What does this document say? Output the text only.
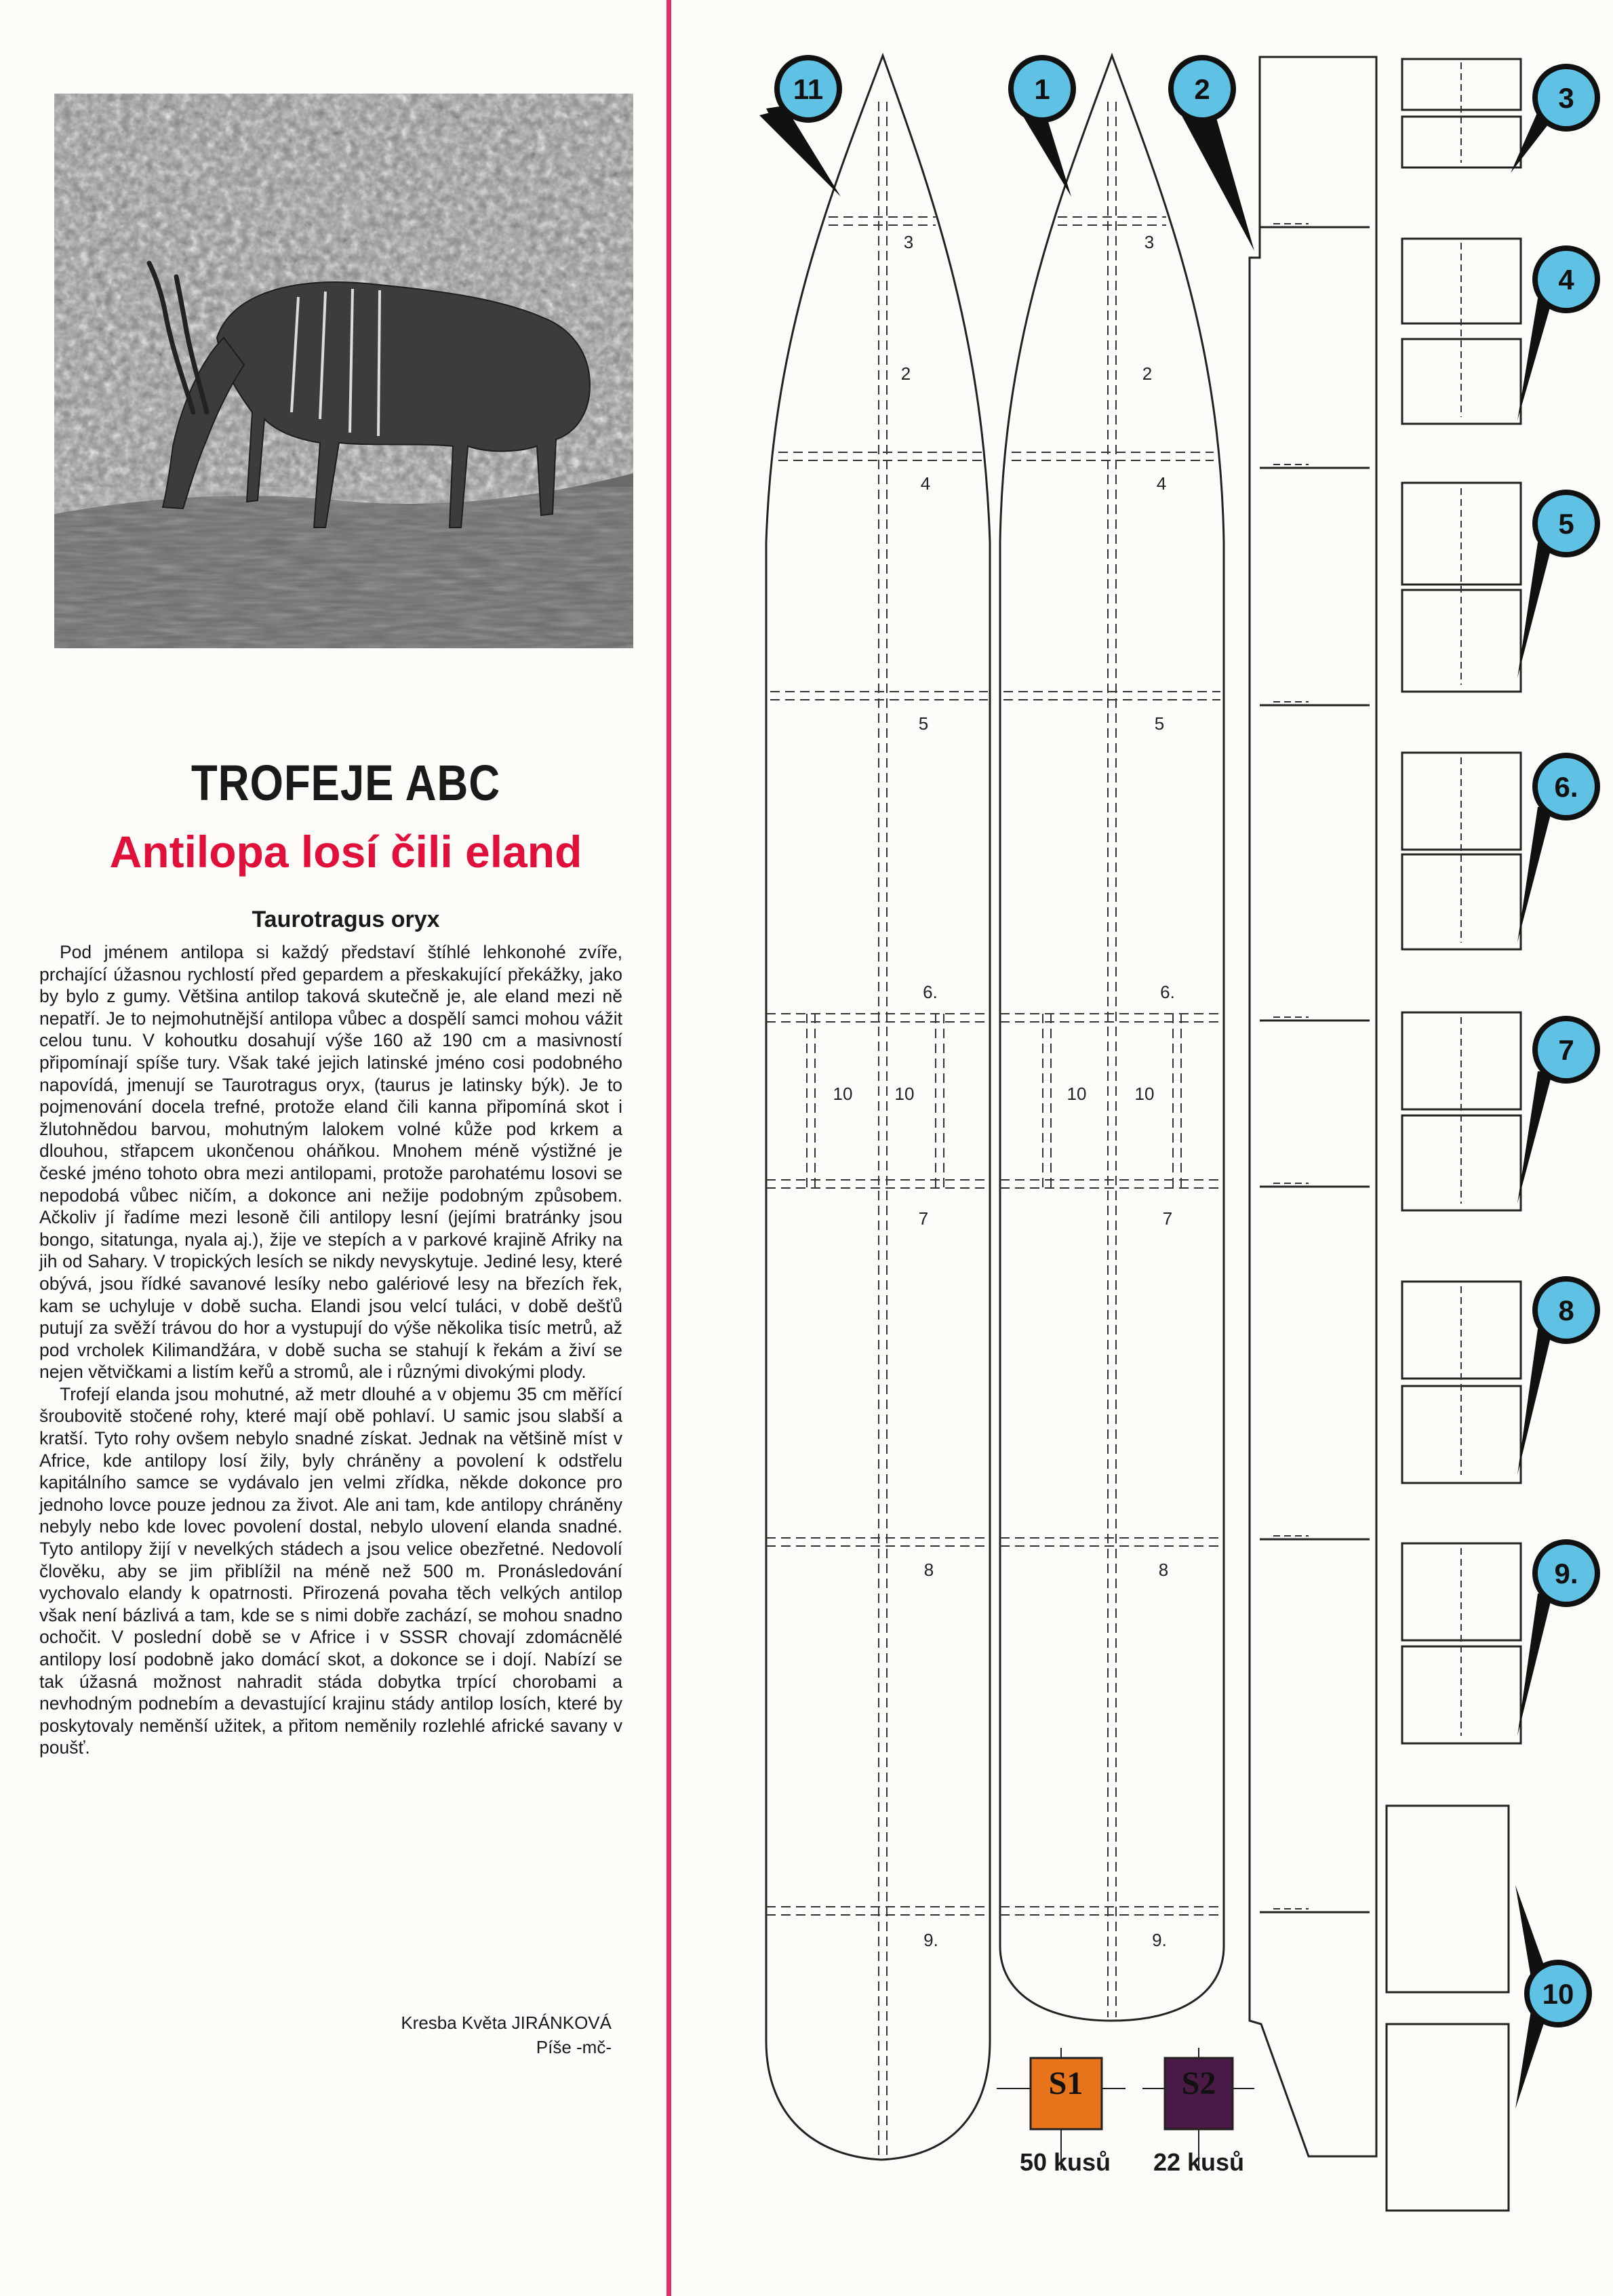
TROFEJE ABC
Antilopa losí čili eland
Taurotragus oryx

Pod jménem antilopa si každý představí štíhlé lehkonohé zvíře, prchající úžasnou rychlostí před gepardem a přeskakující překážky, jako by bylo z gumy. Většina antilop taková skutečně je, ale eland mezi ně nepatří. Je to nejmohutnější antilopa vůbec a dospělí samci mohou vážit celou tunu. V kohoutku dosahují výše 160 až 190 cm a masivností připomínají spíše tury. Však také jejich latinské jméno cosi podobného napovídá, jmenují se Taurotragus oryx, (taurus je latinsky býk). Je to pojmenování docela trefné, protože eland čili kanna připomíná skot i žlutohnědou barvou, mohutným lalokem volné kůže pod krkem a dlouhou, střapcem ukončenou oháňkou. Mnohem méně výstižné je české jméno tohoto obra mezi antilopami, protože parohatému losovi se nepodobá vůbec ničím, a dokonce ani nežije podobným způsobem. Ačkoliv jí řadíme mezi lesoně čili antilopy lesní (jejími bratránky jsou bongo, sitatunga, nyala aj.), žije ve stepích a v parkové krajině Afriky na jih od Sahary. V tropických lesích se nikdy nevyskytuje. Jediné lesy, které obývá, jsou řídké savanové lesíky nebo galériové lesy na březích řek, kam se uchyluje v době sucha. Elandi jsou velcí tuláci, v době dešťů putují za svěží trávou do hor a vystupují do výše několika tisíc metrů, až pod vrcholek Kilimandžára, v době sucha se stahují k řekám a živí se nejen větvičkami a listím keřů a stromů, ale i různými divokými plody.

Trofejí elanda jsou mohutné, až metr dlouhé a v objemu 35 cm měřící šroubovitě stočené rohy, které mají obě pohlaví. U samic jsou slabší a kratší. Tyto rohy ovšem nebylo snadné získat. Jednak na většině míst v Africe, kde antilopy losí žily, byly chráněny a povolení k odstřelu kapitálního samce se vydávalo jen velmi zřídka, někde dokonce pro jednoho lovce pouze jednou za život. Ale ani tam, kde antilopy chráněny nebyly nebo kde lovec povolení dostal, nebylo ulovení elanda snadné. Tyto antilopy žijí v nevelkých stádech a jsou velice obezřetné. Nedovolí člověku, aby se jim přiblížil na méně než 500 m. Pronásledování vychovalo elandy k opatrnosti. Přirozená povaha těch velkých antilop však není bázlivá a tam, kde se s nimi dobře zachází, se mohou snadno ochočit. V poslední době se v Africe i v SSSR chovají zdomácnělé antilopy losí podobně jako domácí skot, a dokonce se i dojí. Nabízí se tak úžasná možnost nahradit stáda dobytka trpící chorobami a nevhodným podnebím a devastující krajinu stády antilop losích, které by poskytovaly neměnší užitek, a přitom neměnily rozlehlé africké savany v poušť.

Kresba Květa JIRÁNKOVÁ

Píše -mč-

3
2
4
5
6.
10 10
7
8
9.
3
2
4
5
6.
10	10
7
8
9.
11	1	2	3
4
5
6.
7
8
9.
10
S1	S2
50 kusů	22 kusů
